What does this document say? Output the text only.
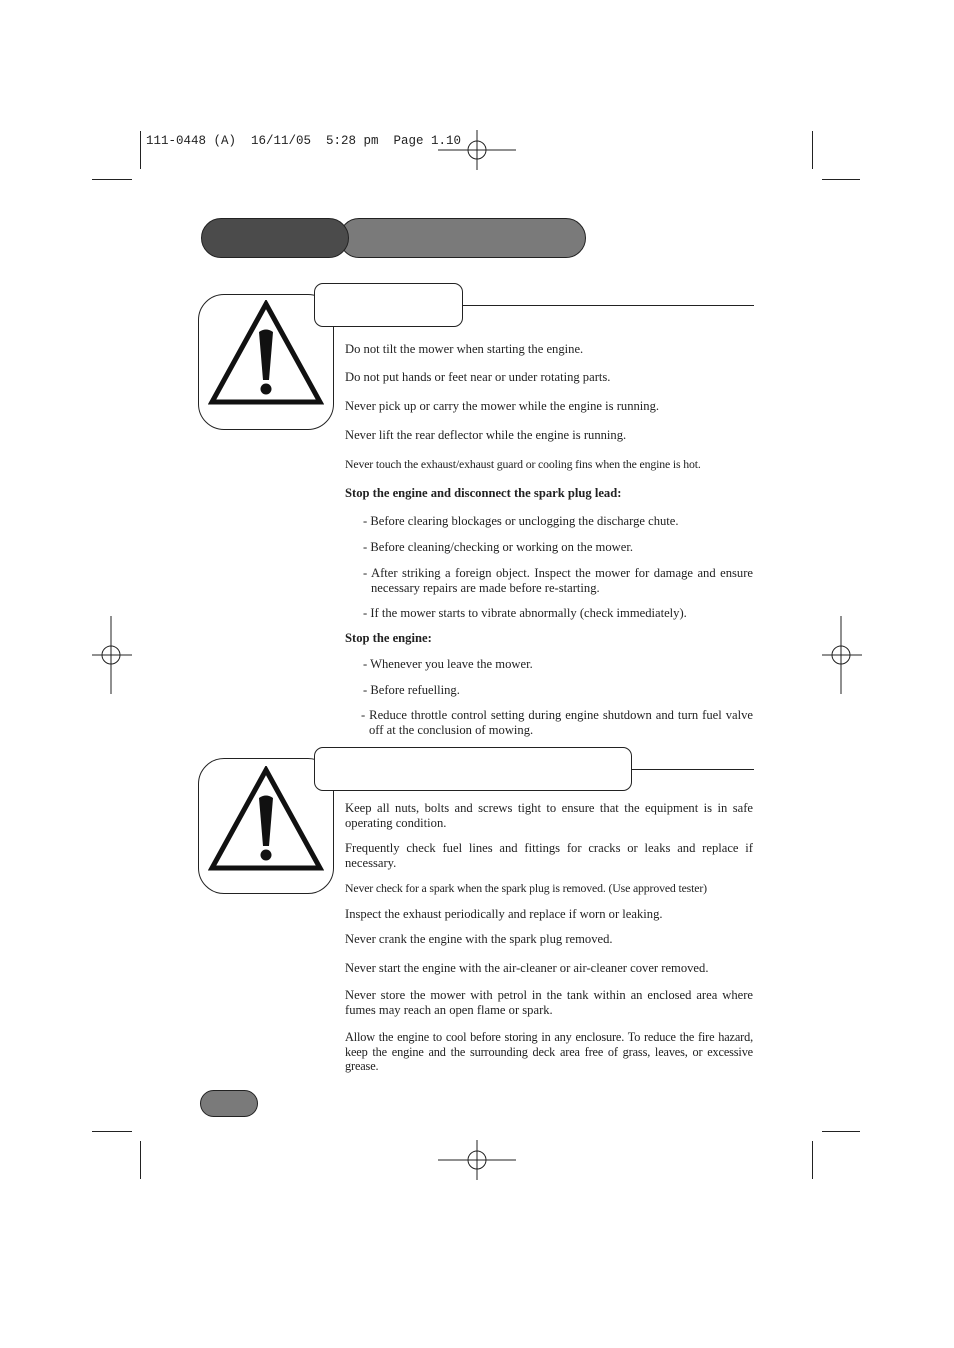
111-0448 (A)  16/11/05  5:28 pm  Page 1.10

Do not tilt the mower when starting the engine.

Do not put hands or feet near or under rotating parts.

Never pick up or carry the mower while the engine is running.

Never lift the rear deflector while the engine is running.

Never touch the exhaust/exhaust guard or cooling fins when the engine is hot.

Stop the engine and disconnect the spark plug lead:

- Before clearing blockages or unclogging the discharge chute.

- Before cleaning/checking or working on the mower.

- After striking a foreign object. Inspect the mower for damage and ensure necessary repairs are made before re-starting.

- If the mower starts to vibrate abnormally (check immediately).

Stop the engine:

- Whenever you leave the mower.

- Before refuelling.

- Reduce throttle control setting during engine shutdown and turn fuel valve off at the conclusion of mowing.

Keep all nuts, bolts and screws tight to ensure that the equipment is in safe operating condition.

Frequently check fuel lines and fittings for cracks or leaks and replace if necessary.

Never check for a spark when the spark plug is removed. (Use approved tester)

Inspect the exhaust periodically and replace if worn or leaking.

Never crank the engine with the spark plug removed.

Never start the engine with the air-cleaner or air-cleaner cover removed.

Never store the mower with petrol in the tank within an enclosed area where fumes may reach an open flame or spark.

Allow the engine to cool before storing in any enclosure. To reduce the fire hazard, keep the engine and the surrounding deck area free of grass, leaves, or excessive grease.
